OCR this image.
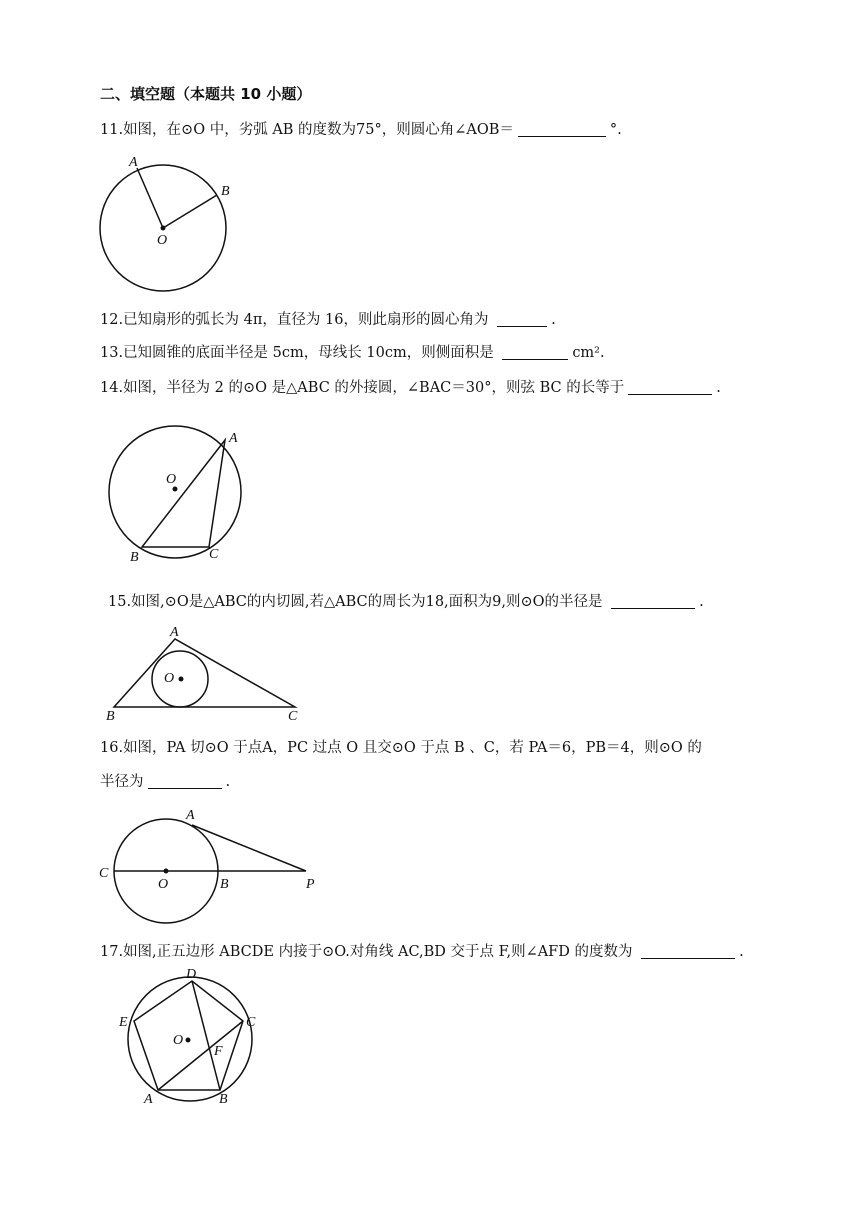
二、填空题（本题共 10 小题）
11.如图，在⊙O 中，劣弧 AB 的度数为75°，则圆心角∠AOB＝	°.
A
B
O
12.已知扇形的弧长为 4π，直径为 16，则此扇形的圆心角为	.
13.已知圆锥的底面半径是 5cm，母线长 10cm，则侧面积是	cm².
14.如图，半径为 2 的⊙O 是△ABC 的外接圆，∠BAC＝30°，则弦 BC 的长等于	.
A
O
B	C
15.如图,⊙O是△ABC的内切圆,若△ABC的周长为18,面积为9,则⊙O的半径是	.
A
O
B	C
16.如图，PA 切⊙O 于点A，PC 过点 O 且交⊙O 于点 B 、C，若 PA＝6，PB＝4，则⊙O 的
半径为	.
A
C
O	B	P
17.如图,正五边形 ABCDE 内接于⊙O.对角线 AC,BD 交于点 F,则∠AFD 的度数为	.
D
E	C
O
F
A	B
